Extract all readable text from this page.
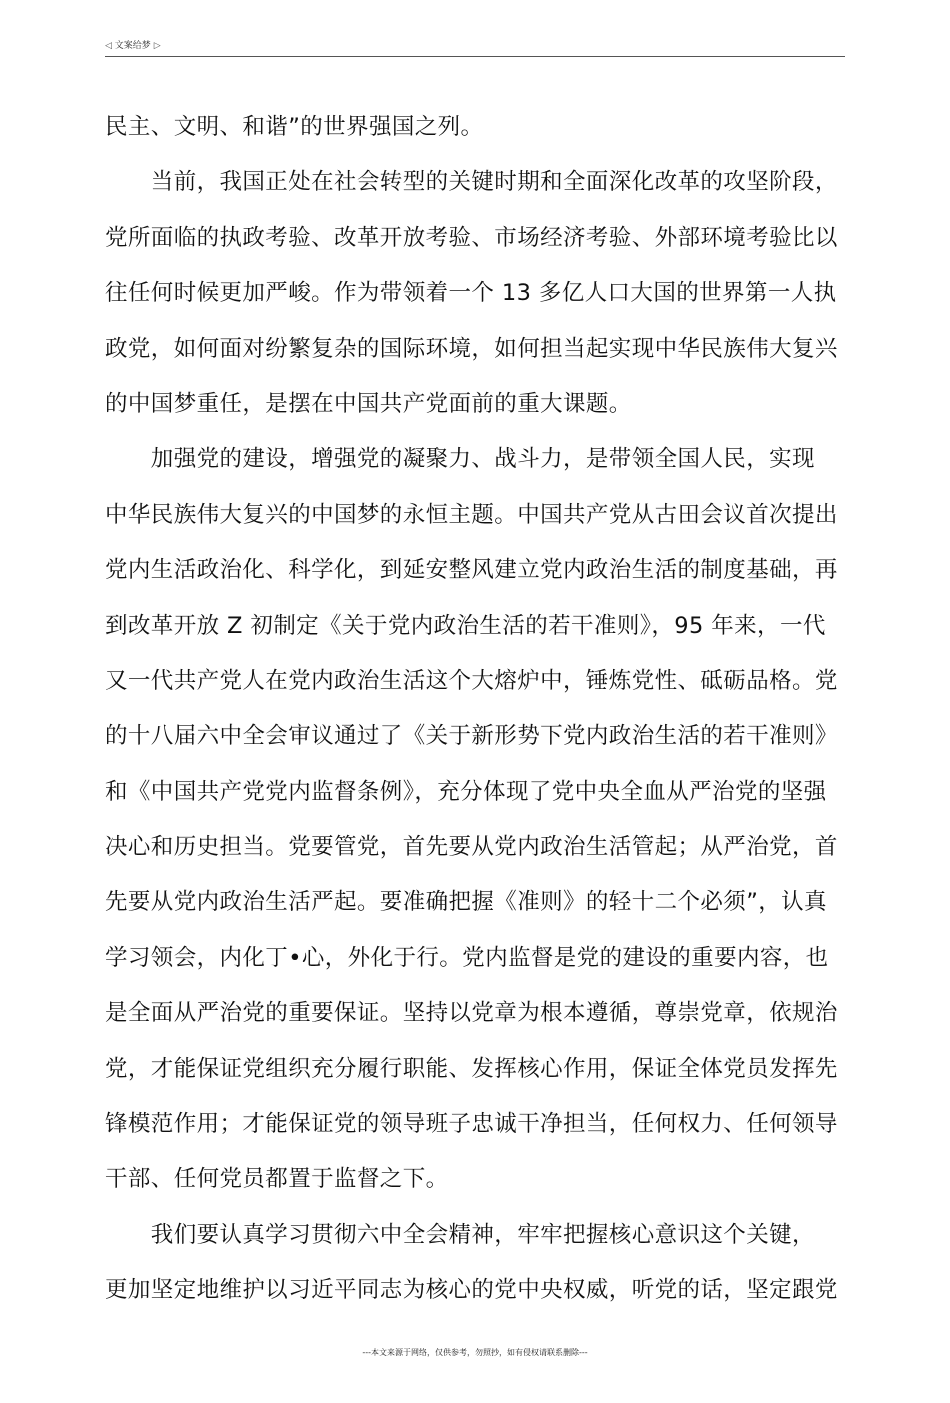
◁ 文案给梦 ▷
民主、文明、和谐”的世界强国之列。
　　当前，我国正处在社会转型的关键时期和全面深化改革的攻坚阶段，
党所面临的执政考验、改革开放考验、市场经济考验、外部环境考验比以
往任何时候更加严峻。作为带领着一个 13 多亿人口大国的世界第一人执
政党，如何面对纷繁复杂的国际环境，如何担当起实现中华民族伟大复兴
的中国梦重任，是摆在中国共产党面前的重大课题。
　　加强党的建设，增强党的凝聚力、战斗力，是带领全国人民，实现
中华民族伟大复兴的中国梦的永恒主题。中国共产党从古田会议首次提出
党内生活政治化、科学化，到延安整风建立党内政治生活的制度基础，再
到改革开放 Z 初制定《关于党内政治生活的若干准则》，95 年来，一代
又一代共产党人在党内政治生活这个大熔炉中，锤炼党性、砥砺品格。党
的十八届六中全会审议通过了《关于新形势下党内政治生活的若干准则》
和《中国共产党党内监督条例》，充分体现了党中央全血从严治党的坚强
决心和历史担当。党要管党，首先要从党内政治生活管起；从严治党，首
先要从党内政治生活严起。要准确把握《准则》的轻十二个必须”，认真
学习领会，内化丁•心，外化于行。党内监督是党的建设的重要内容，也
是全面从严治党的重要保证。坚持以党章为根本遵循，尊崇党章，依规治
党，才能保证党组织充分履行职能、发挥核心作用，保证全体党员发挥先
锋模范作用；才能保证党的领导班子忠诚干净担当，任何权力、任何领导
干部、任何党员都置于监督之下。
　　我们要认真学习贯彻六中全会精神，牢牢把握核心意识这个关键，
更加坚定地维护以习近平同志为核心的党中央权威，听党的话，坚定跟党
---本文来源于网络，仅供参考，勿照抄，如有侵权请联系删除---
